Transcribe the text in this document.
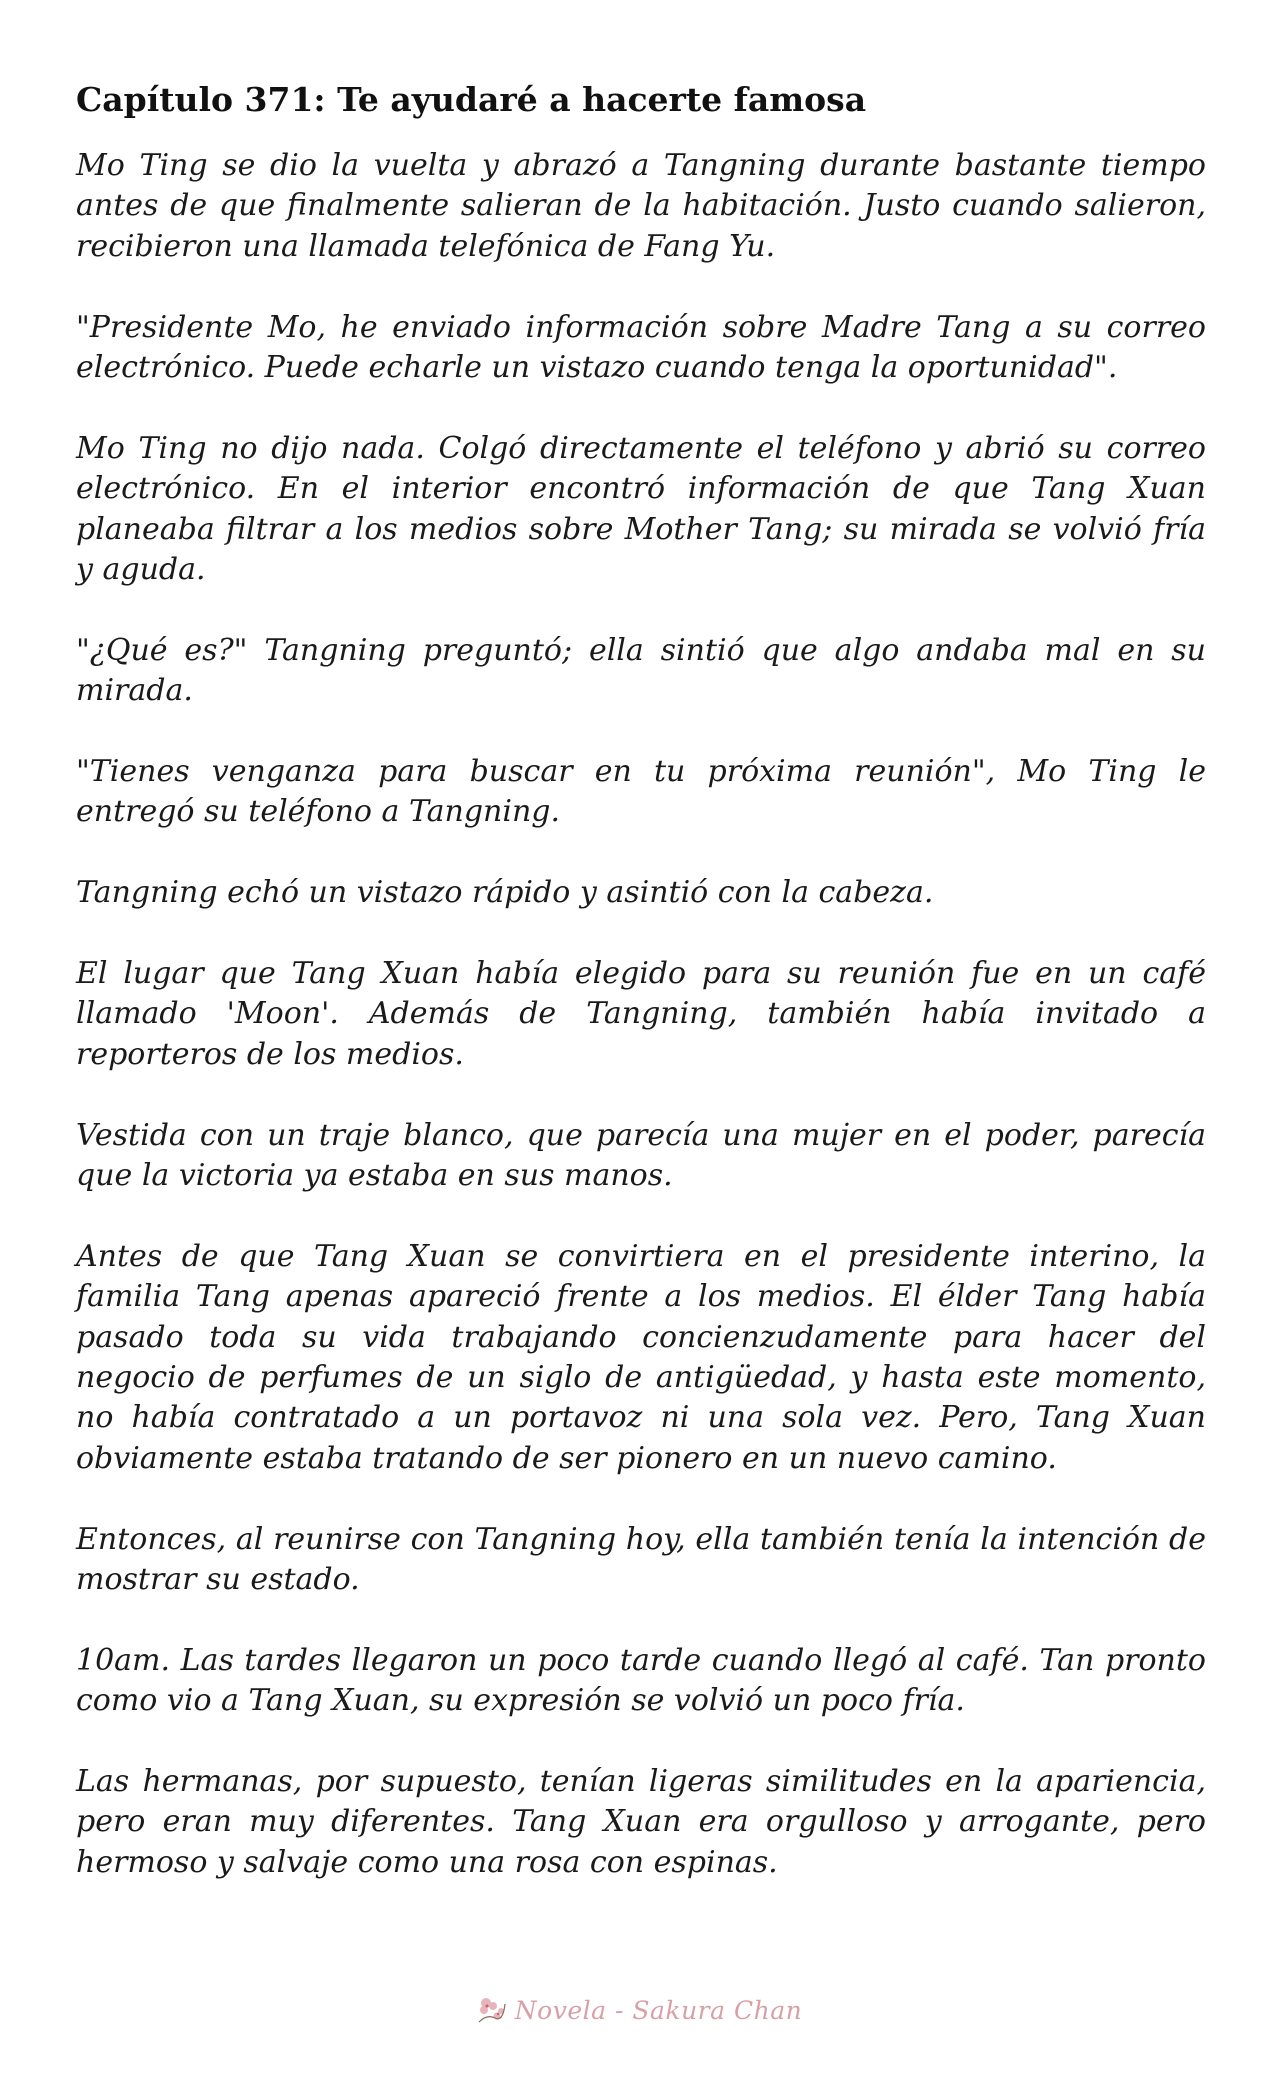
Capítulo 371: Te ayudaré a hacerte famosa

Mo Ting se dio la vuelta y abrazó a Tangning durante bastante tiempo antes de que finalmente salieran de la habitación. Justo cuando salieron, recibieron una llamada telefónica de Fang Yu.

"Presidente Mo, he enviado información sobre Madre Tang a su correo electrónico. Puede echarle un vistazo cuando tenga la oportunidad".

Mo Ting no dijo nada. Colgó directamente el teléfono y abrió su correo electrónico. En el interior encontró información de que Tang Xuan planeaba filtrar a los medios sobre Mother Tang; su mirada se volvió fría y aguda.

"¿Qué es?" Tangning preguntó; ella sintió que algo andaba mal en su mirada.

"Tienes venganza para buscar en tu próxima reunión", Mo Ting le entregó su teléfono a Tangning.

Tangning echó un vistazo rápido y asintió con la cabeza.

El lugar que Tang Xuan había elegido para su reunión fue en un café llamado 'Moon'. Además de Tangning, también había invitado a reporteros de los medios.

Vestida con un traje blanco, que parecía una mujer en el poder, parecía que la victoria ya estaba en sus manos.

Antes de que Tang Xuan se convirtiera en el presidente interino, la familia Tang apenas apareció frente a los medios. El élder Tang había pasado toda su vida trabajando concienzudamente para hacer del negocio de perfumes de un siglo de antigüedad, y hasta este momento, no había contratado a un portavoz ni una sola vez. Pero, Tang Xuan obviamente estaba tratando de ser pionero en un nuevo camino.

Entonces, al reunirse con Tangning hoy, ella también tenía la intención de mostrar su estado.

10am. Las tardes llegaron un poco tarde cuando llegó al café. Tan pronto como vio a Tang Xuan, su expresión se volvió un poco fría.

Las hermanas, por supuesto, tenían ligeras similitudes en la apariencia, pero eran muy diferentes. Tang Xuan era orgulloso y arrogante, pero hermoso y salvaje como una rosa con espinas.

Novela - Sakura Chan
